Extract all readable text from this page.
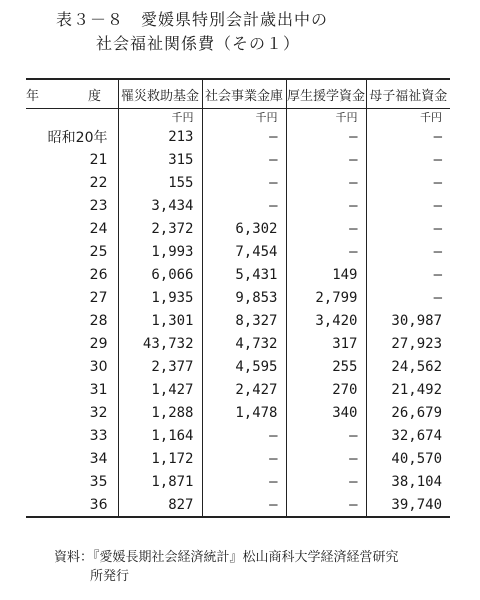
表３－８　愛媛県特別会計歳出中の
社会福祉関係費（その１）
年　度	罹災救助基金	社会事業金庫	厚生援学資金	母子福祉資金
	千円	千円	千円	千円
昭和20年	213	—	—	—
21	315	—	—	—
22	155	—	—	—
23	3,434	—	—	—
24	2,372	6,302	—	—
25	1,993	7,454	—	—
26	6,066	5,431	149	—
27	1,935	9,853	2,799	—
28	1,301	8,327	3,420	30,987
29	43,732	4,732	317	27,923
30	2,377	4,595	255	24,562
31	1,427	2,427	270	21,492
32	1,288	1,478	340	26,679
33	1,164	—	—	32,674
34	1,172	—	—	40,570
35	1,871	—	—	38,104
36	827	—	—	39,740
資料：『愛媛長期社会経済統計』松山商科大学経済経営研究
所発行
